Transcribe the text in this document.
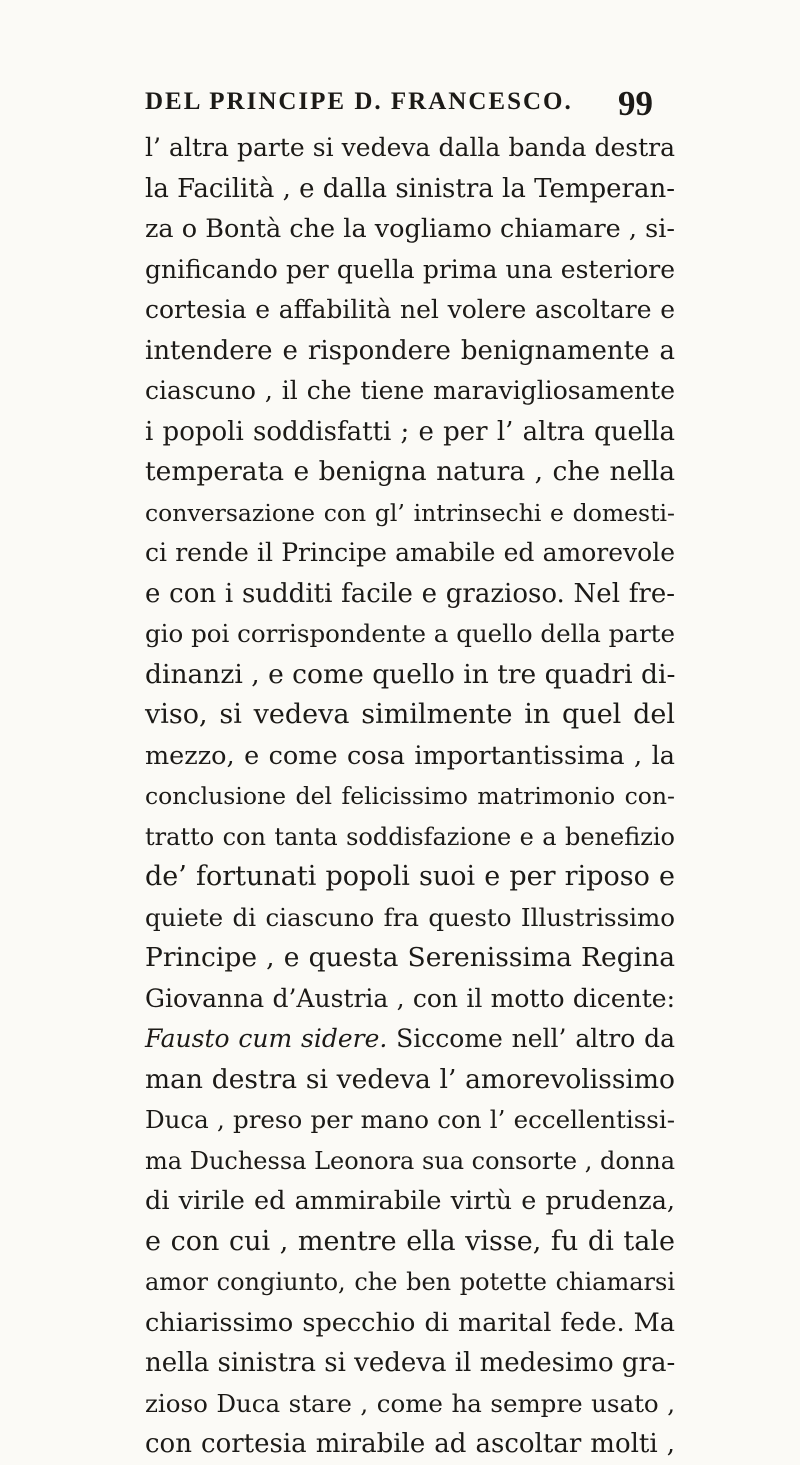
DEL PRINCIPE D. FRANCESCO.	99
l’ altra parte si vedeva dalla banda destra
la Facilità , e dalla sinistra la Temperan-
za o Bontà che la vogliamo chiamare , si-
gnificando per quella prima una esteriore
cortesia e affabilità nel volere ascoltare e
intendere e rispondere benignamente a
ciascuno , il che tiene maravigliosamente
i popoli soddisfatti ; e per l’ altra quella
temperata e benigna natura , che nella
conversazione con gl’ intrinsechi e domesti-
ci rende il Principe amabile ed amorevole
e con i sudditi facile e grazioso. Nel fre-
gio poi corrispondente a quello della parte
dinanzi , e come quello in tre quadri di-
viso, si vedeva similmente in quel del
mezzo, e come cosa importantissima , la
conclusione del felicissimo matrimonio con-
tratto con tanta soddisfazione e a benefizio
de’ fortunati popoli suoi e per riposo e
quiete di ciascuno fra questo Illustrissimo
Principe , e questa Serenissima Regina
Giovanna d’Austria , con il motto dicente:
Fausto cum sidere. Siccome nell’ altro da
man destra si vedeva l’ amorevolissimo
Duca , preso per mano con l’ eccellentissi-
ma Duchessa Leonora sua consorte , donna
di virile ed ammirabile virtù e prudenza,
e con cui , mentre ella visse, fu di tale
amor congiunto, che ben potette chiamarsi
chiarissimo specchio di marital fede. Ma
nella sinistra si vedeva il medesimo gra-
zioso Duca stare , come ha sempre usato ,
con cortesia mirabile ad ascoltar molti ,
